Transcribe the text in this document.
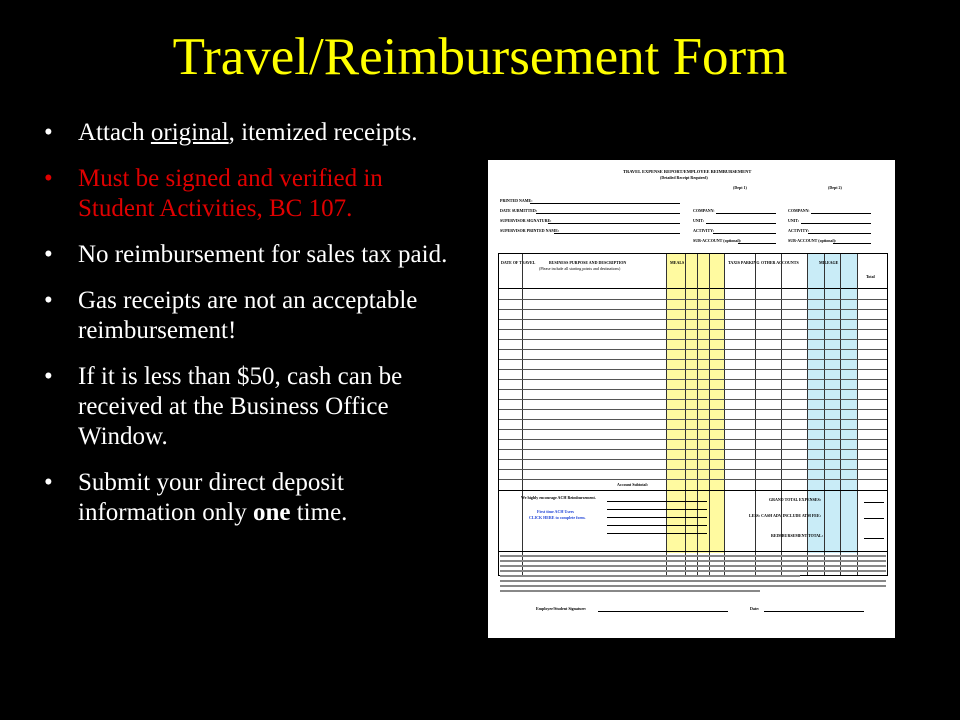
Travel/Reimbursement Form
• Attach original, itemized receipts.
• Must be signed and verified in Student Activities, BC 107.
• No reimbursement for sales tax paid.
• Gas receipts are not an acceptable reimbursement!
• If it is less than $50, cash can be received at the Business Office Window.
• Submit your direct deposit information only one time.
TRAVEL EXPENSE REPORT/EMPLOYEE REIMBURSEMENT
(Detailed Receipt Required)
(Dept 1)	(Dept 2)
PRINTED NAME:
DATE SUBMITTED:
SUPERVISOR SIGNATURE:
SUPERVISOR PRINTED NAME:
COMPANY:
UNIT:
ACTIVITY:
SUB-ACCOUNT (optional):
COMPANY:
UNIT:
ACTIVITY:
SUB-ACCOUNT (optional):
DATE OF TRAVEL	BUSINESS PURPOSE AND DESCRIPTION
(Please include all starting points and destinations)
MEALS	TAXIS PARKING OTHER ACCOUNTS	MILEAGE
Total
Account Subtotal:
We highly encourage ACH Reimbursement.
First time ACH Users
CLICK HERE to complete form.
GRAND TOTAL EXPENSES:
LESS: CASH ADV INCLUDE ATM FEE:
REIMBURSEMENT TOTAL:
Employee/Student Signature:	Date:
